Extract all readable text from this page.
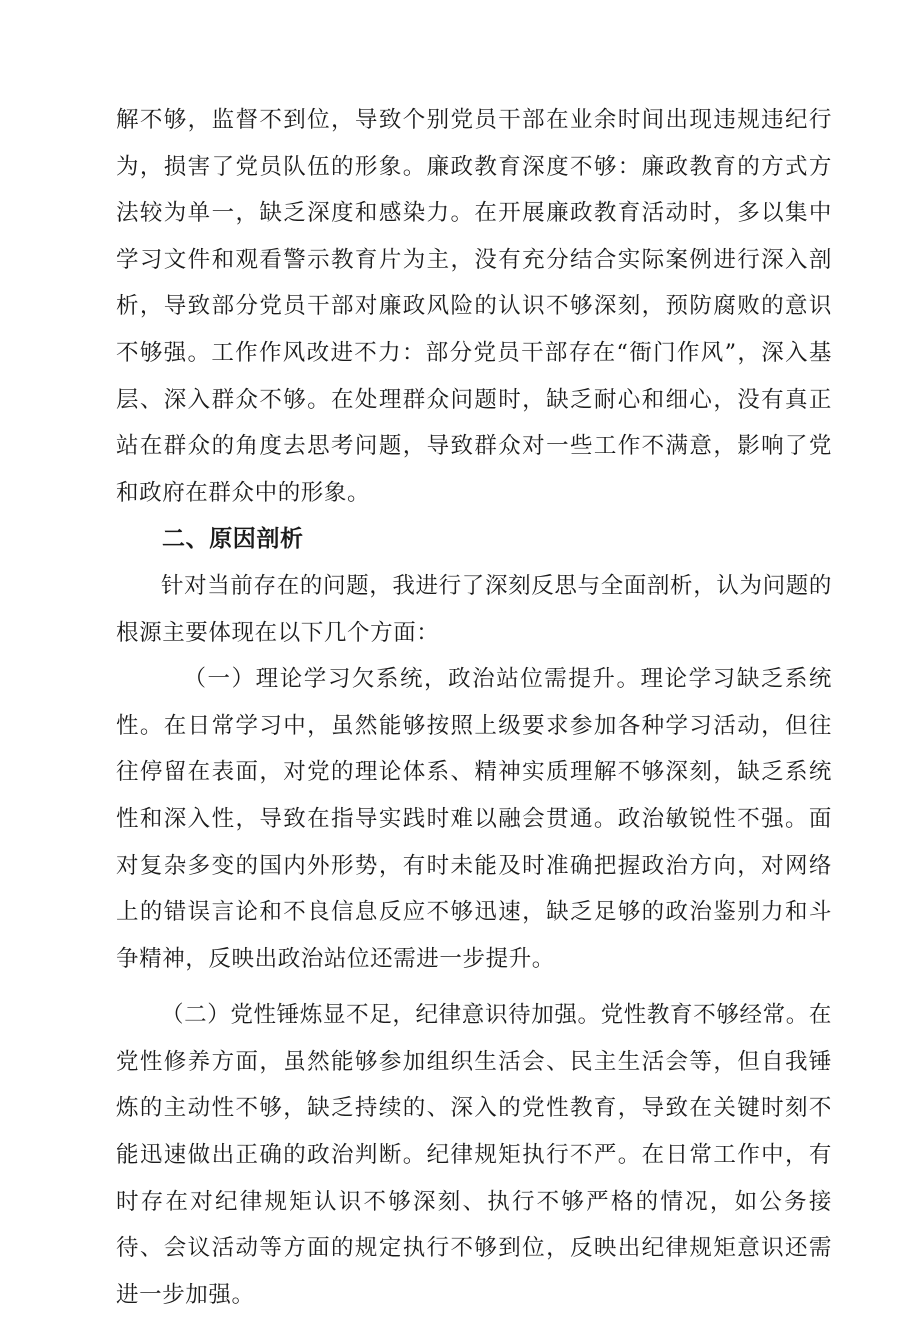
解不够，监督不到位，导致个别党员干部在业余时间出现违规违纪行为，损害了党员队伍的形象。廉政教育深度不够：廉政教育的方式方法较为单一，缺乏深度和感染力。在开展廉政教育活动时，多以集中学习文件和观看警示教育片为主，没有充分结合实际案例进行深入剖析，导致部分党员干部对廉政风险的认识不够深刻，预防腐败的意识不够强。工作作风改进不力：部分党员干部存在“衙门作风”，深入基层、深入群众不够。在处理群众问题时，缺乏耐心和细心，没有真正站在群众的角度去思考问题，导致群众对一些工作不满意，影响了党和政府在群众中的形象。

二、原因剖析

针对当前存在的问题，我进行了深刻反思与全面剖析，认为问题的根源主要体现在以下几个方面：

（一）理论学习欠系统，政治站位需提升。理论学习缺乏系统性。在日常学习中，虽然能够按照上级要求参加各种学习活动，但往往停留在表面，对党的理论体系、精神实质理解不够深刻，缺乏系统性和深入性，导致在指导实践时难以融会贯通。政治敏锐性不强。面对复杂多变的国内外形势，有时未能及时准确把握政治方向，对网络上的错误言论和不良信息反应不够迅速，缺乏足够的政治鉴别力和斗争精神，反映出政治站位还需进一步提升。

（二）党性锤炼显不足，纪律意识待加强。党性教育不够经常。在党性修养方面，虽然能够参加组织生活会、民主生活会等，但自我锤炼的主动性不够，缺乏持续的、深入的党性教育，导致在关键时刻不能迅速做出正确的政治判断。纪律规矩执行不严。在日常工作中，有时存在对纪律规矩认识不够深刻、执行不够严格的情况，如公务接待、会议活动等方面的规定执行不够到位，反映出纪律规矩意识还需进一步加强。
